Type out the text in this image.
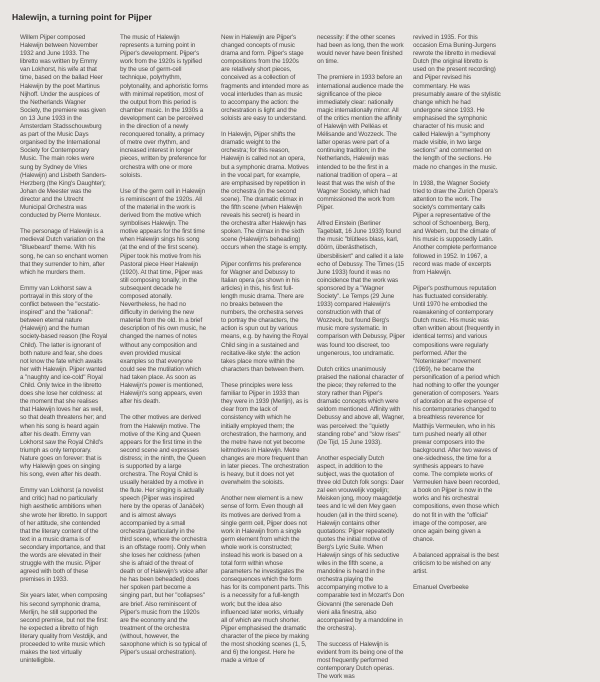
Halewijn, a turning point for Pijper

Willem Pijper composed Halewijn between November 1932 and June 1933. The libretto was written by Emmy van Lokhorst, his wife at that time, based on the ballad Heer Halewijn by the poet Martinus Nijhoff. Under the auspices of the Netherlands Wagner Society, the premiere was given on 13 June 1933 in the Amsterdam Stadsschouwburg as part of the Music Days organised by the International Society for Contemporary Music. The main roles were sung by Sydney de Vries (Halewijn) and Lisbeth Sanders-Herzberg (the King's Daughter); Johan de Meester was the director and the Utrecht Municipal Orchestra was conducted by Pierre Monteux.

The personage of Halewijn is a medieval Dutch variation on the "Bluebeard" theme. With his song, he can so enchant women that they surrender to him, after which he murders them.

Emmy van Lokhorst saw a portrayal in this story of the conflict between the "ecstatic-inspired" and the "rational": between eternal nature (Halewijn) and the human society-based reason (the Royal Child). The latter is ignorant of both nature and fear, she does not know the fate which awaits her with Halewijn. Pijper wanted a "naughty and ice-cold" Royal Child. Only twice in the libretto does she lose her coldness: at the moment that she realises that Halewijn loves her as well, so that death threatens her; and when his song is heard again after his death. Emmy van Lokhorst saw the Royal Child's triumph as only temporary. Nature goes on forever: that is why Halewijn goes on singing his song, even after his death.

Emmy van Lokhorst (a novelist and critic) had no particularly high aesthetic ambitions when she wrote her libretto. In support of her attitude, she contended that the literary content of the text in a music drama is of secondary importance, and that the words are elevated in their struggle with the music. Pijper agreed with both of these premises in 1933.

Six years later, when composing his second symphonic drama, Merlijn, he still supported the second premise, but not the first: he expected a libretto of high literary quality from Vestdijk, and proceeded to write music which makes the text virtually unintelligible.

The music of Halewijn represents a turning point in Pijper's development. Pijper's work from the 1920s is typified by the use of germ-cell technique, polyrhythm, polytonality, and aphoristic forms with minimal repetition, most of the output from this period is chamber music. In the 1930s a development can be perceived in the direction of a newly reconquered tonality, a primacy of metre over rhythm, and increased interest in longer pieces, written by preference for orchestra with one or more soloists.

Use of the germ cell in Halewijn is reminiscent of the 1920s. All of the material in the work is derived from the motive which symbolises Halewijn. The motive appears for the first time when Halewijn sings his song (at the end of the first scene). Pijper took his motive from his Pastoral piece Heer Halewijn (1920). At that time, Pijper was still composing tonally; in the subsequent decade he composed atonally. Nevertheless, he had no difficulty in deriving the new material from the old. In a brief description of his own music, he changed the names of notes without any composition and even provided musical examples so that everyone could see the mutilation which had taken place. As soon as Halewijn's power is mentioned, Halewijn's song appears, even after his death.

The other motives are derived from the Halewijn motive. The motive of the King and Queen appears for the first time in the second scene and expresses distress; in the ninth, the Queen is supported by a large orchestra. The Royal Child is usually heralded by a motive in the flute. Her singing is actually speech (Pijper was inspired here by the operas of Janáček) and is almost always accompanied by a small orchestra (particularly in the third scene, where the orchestra is an offstage room). Only when she loses her coldness (when she is afraid of the threat of death or of Halewijn's voice after he has been beheaded) does her spoken part become a singing part, but her "collapses" are brief. Also reminiscent of Pijper's music from the 1920s are the economy and the treatment of the orchestra (without, however, the saxophone which is so typical of Pijper's usual orchestration).

New in Halewijn are Pijper's changed concepts of music drama and form. Pijper's stage compositions from the 1920s are relatively short pieces, conceived as a collection of fragments and intended more as vocal interludes than as music to accompany the action: the orchestration is light and the soloists are easy to understand.

In Halewijn, Pijper shifts the dramatic weight to the orchestra; for this reason, Halewijn is called not an opera, but a symphonic drama. Motives in the vocal part, for example, are emphasised by repetition in the orchestra (in the second scene). The dramatic climax in the fifth scene (when Halewijn reveals his secret) is heard in the orchestra after Halewijn has spoken. The climax in the sixth scene (Halewijn's beheading) occurs when the stage is empty.

Pijper confirms his preference for Wagner and Debussy to Italian opera (as shown in his articles) in this, his first full-length music drama. There are no breaks between the numbers, the orchestra serves to portray the characters, the action is spun out by various means, e.g. by having the Royal Child sing in a sustained and recitative-like style: the action takes place more within the characters than between them.

These principles were less familiar to Pijper in 1933 than they were in 1939 (Merlijn), as is clear from the lack of consistency with which he initially employed them; the orchestration, the harmony, and the metre have not yet become leitmotives in Halewijn. Metre changes are more frequent than in later pieces. The orchestration is heavy, but it does not yet overwhelm the soloists.

Another new element is a new sense of form. Even though all its motives are derived from a single germ cell, Pijper does not work in Halewijn from a single germ element from which the whole work is constructed; instead his work is based on a total form within whose parameters he investigates the consequences which the form has for its component parts. This is a necessity for a full-length work; but the idea also influenced later works, virtually all of which are much shorter. Pijper emphasised the dramatic character of the piece by making the most shocking scenes (1, 5, and 6) the longest. Here he made a virtue of

necessity: if the other scenes had been as long, then the work would never have been finished on time.

The premiere in 1933 before an international audience made the significance of the piece immediately clear: nationally magic internationally minor. All of the critics mention the affinity of Halewijn with Pelléas et Mélisande and Wozzeck. The latter operas were part of a continuing tradition; in the Netherlands, Halewijn was intended to be the first in a national tradition of opera – at least that was the wish of the Wagner Society, which had commissioned the work from Pijper.

Alfred Einstein (Berliner Tageblatt, 16 June 1933) found the music "blütlees blass, karl, döörn, überästhetisch, übersbilisiert" and called it a late echo of Debussy. The Times (15 June 1933) found it was no coincidence that the work was sponsored by a "Wagner Society". Le Temps (29 June 1933) compared Halewijn's construction with that of Wozzeck, but found Berg's music more systematic. In comparison with Debussy, Pijper was found too discreet, too ungenerous, too undramatic.

Dutch critics unanimously praised the national character of the piece; they referred to the story rather than Pijper's dramatic concepts which were seldom mentioned. Affinity with Debussy and above all, Wagner, was perceived: the "quietly standing robe" and "slow rises" (De Tijd, 15 June 1933).

Another especially Dutch aspect, in addition to the subject, was the quotation of three old Dutch folk songs: Daer zal een vrouwelijk vogelijn; Meisken jong, mooy maagdetje tees and Ic wil den Mey gaen houden (all in the third scene). Halewijn contains other quotations: Pijper repeatedly quotes the initial motive of Berg's Lyric Suite. When Halewijn sings of his seductive wiles in the fifth scene, a mandoline is heard in the orchestra playing the accompanying motive to a comparable text in Mozart's Don Giovanni (the serenade Deh vieni alla finestra, also accompanied by a mandoline in the orchestra).

The success of Halewijn is evident from its being one of the most frequently performed contemporary Dutch operas. The work was

revived in 1935. For this occasion Erna Buning-Jurgens rewrote the libretto in medieval Dutch (the original libretto is used on the present recording) and Pijper revised his commentary. He was presumably aware of the stylistic change which he had undergone since 1933. He emphasised the symphonic character of his music and called Halewijn a "symphony made visible, in two large sections" and commented on the length of the sections. He made no changes in the music.

In 1938, the Wagner Society tried to draw the Zurich Opera's attention to the work. The society's commentary calls Pijper a representative of the school of Schoenberg, Berg, and Webern, but the climate of his music is supposedly Latin. Another complete performance followed in 1952. In 1967, a record was made of excerpts from Halewijn.

Pijper's posthumous reputation has fluctuated considerably. Until 1970 he embodied the reawakening of contemporary Dutch music. His music was often written about (frequently in identical terms) and various compositions were regularly performed. After the "Notenkraker" movement (1969), he became the personification of a period which had nothing to offer the younger generation of composers. Years of adoration at the expense of his contemporaries changed to a breathless reverence for Matthijs Vermeulen, who in his turn pushed nearly all other prewar composers into the background. After two waves of one-sidedness, the time for a synthesis appears to have come. The complete works of Vermeulen have been recorded, a book on Pijper is now in the works and his orchestral compositions, even those which do not fit in with the "official" image of the composer, are once again being given a chance.

A balanced appraisal is the best criticism to be wished on any artist.

Emanuel Overbeeke
